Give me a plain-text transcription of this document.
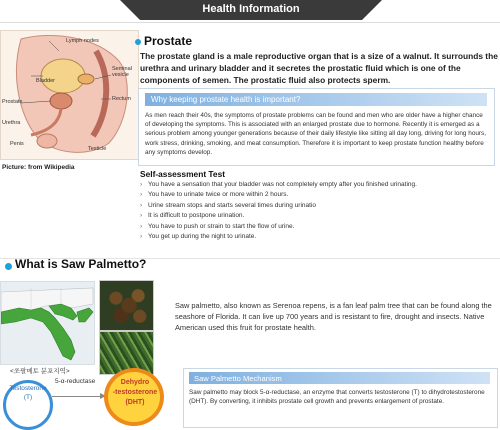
Health Information
Lymph nodes
Bladder
Seminal
vesicle
Prostate	Rectum
Urethra
Penis
Testicle
Picture: from Wikipedia
Prostate
The prostate gland is a male reproductive organ that is a size of a walnut. It surrounds the urethra and urinary bladder and it secretes the prostatic fluid which is one of the components of semen. The prostatic fluid also protects sperm.
Why keeping prostate health is important?
As men reach their 40s, the symptoms of prostate problems can be found and men who are older have a higher chance of developing the symptoms. This is associated with an enlarged prostate due to hormone. Recently it is emerged as a serious problem among younger generations because of their daily lifestyle like sitting all day long, driving for long hours, work stress, drinking, smoking, and meat consumption. Therefore it is important to keep prostate function healthy before any symptoms develop.
Self-assessment Test
› You have a sensation that your bladder was not completely empty after you finished urinating.
› You have to urinate twice or more within 2 hours.
› Urine stream stops and starts several times during urinatio
› It is difficult to postpone urination.
› You have to push or strain to start the flow of urine.
› You get up during the night to urinate.
What is Saw Palmetto?
<쏘팔메토 분포지역>
Saw palmetto, also known as Serenoa repens, is a fan leaf palm tree that can be found along the seashore of Florida. It can live up 700 years and is resistant to fire, drought and insects. Native American used this fruit for prostate health.
Testosterone
(T)
5-α-reductase	Dehydro
-testosterone
(DHT)
Saw Palmetto Mechanism
Saw palmetto may block 5-α-reductase, an enzyme that converts testosterone (T) to dihydrotestosterone (DHT). By converting, it inhibits prostate cell growth and prevents enlargement of prostate.
